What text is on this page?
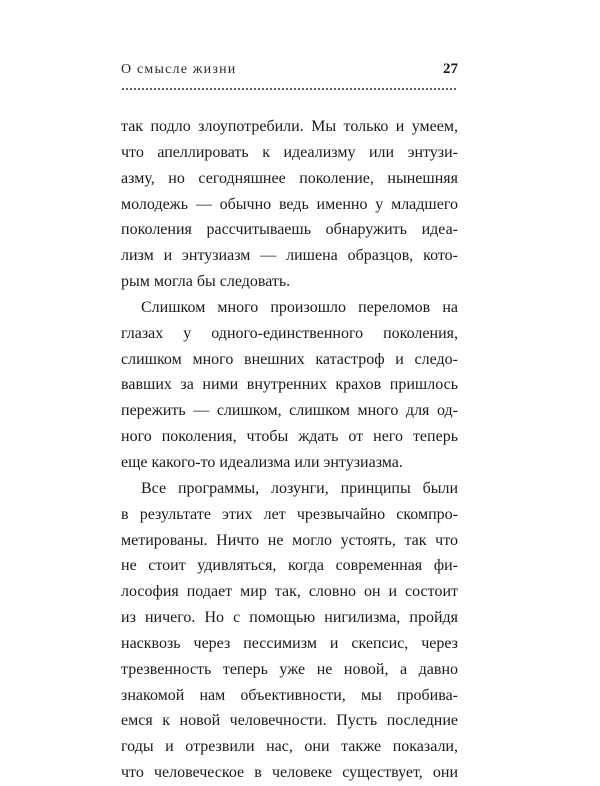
О смысле жизни	27
так подло злоупотребили. Мы только и умеем,
что апеллировать к идеализму или энтузи-
азму, но сегодняшнее поколение, нынешняя
молодежь — обычно ведь именно у младшего
поколения рассчитываешь обнаружить идеа-
лизм и энтузиазм — лишена образцов, кото-
рым могла бы следовать.
Слишком много произошло переломов на
глазах у одного-единственного поколения,
слишком много внешних катастроф и следо-
вавших за ними внутренних крахов пришлось
пережить — слишком, слишком много для од-
ного поколения, чтобы ждать от него теперь
еще какого-то идеализма или энтузиазма.
Все программы, лозунги, принципы были
в результате этих лет чрезвычайно скомпро-
метированы. Ничто не могло устоять, так что
не стоит удивляться, когда современная фи-
лософия подает мир так, словно он и состоит
из ничего. Но с помощью нигилизма, пройдя
насквозь через пессимизм и скепсис, через
трезвенность теперь уже не новой, а давно
знакомой нам объективности, мы пробива-
емся к новой человечности. Пусть последние
годы и отрезвили нас, они также показали,
что человеческое в человеке существует, они
